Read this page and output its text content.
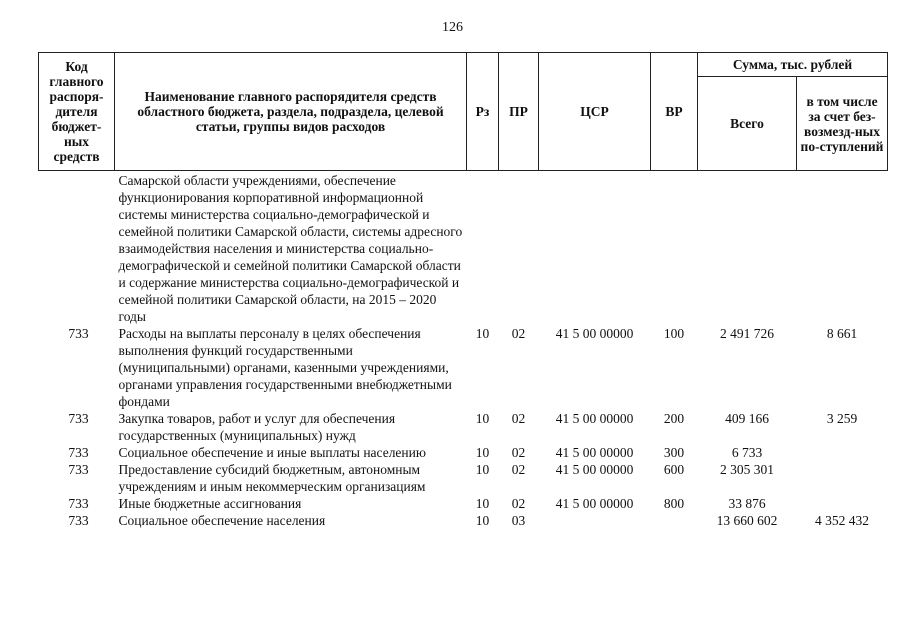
126
Код главного распоря-дителя бюджет-ных средств	Наименование главного распорядителя средств областного бюджета, раздела, подраздела, целевой статьи, группы видов расходов	Рз	ПР	ЦСР	ВР	Сумма, тыс. рублей	
						Всего	в том числе за счет без-возмезд-ных по-ступлений
	Самарской области учреждениями, обеспечение функционирования корпоративной информационной системы министерства социально-демографической и семейной политики Самарской области, системы адресного взаимодействия населения и министерства социально-демографической и семейной политики Самарской области и содержание министерства социально-демографической и семейной политики Самарской области, на 2015 – 2020 годы						
733	Расходы на выплаты персоналу в целях обеспечения выполнения функций государственными (муниципальными) органами, казенными учреждениями, органами управления государственными внебюджетными фондами	10	02	41 5 00 00000	100	2 491 726	8 661
733	Закупка товаров, работ и услуг для обеспечения государственных (муниципальных) нужд	10	02	41 5 00 00000	200	409 166	3 259
733	Социальное обеспечение и иные выплаты населению	10	02	41 5 00 00000	300	6 733	
733	Предоставление субсидий бюджетным, автономным учреждениям и иным некоммерческим организациям	10	02	41 5 00 00000	600	2 305 301	
733	Иные бюджетные ассигнования	10	02	41 5 00 00000	800	33 876	
733	Социальное обеспечение населения	10	03			13 660 602	4 352 432
